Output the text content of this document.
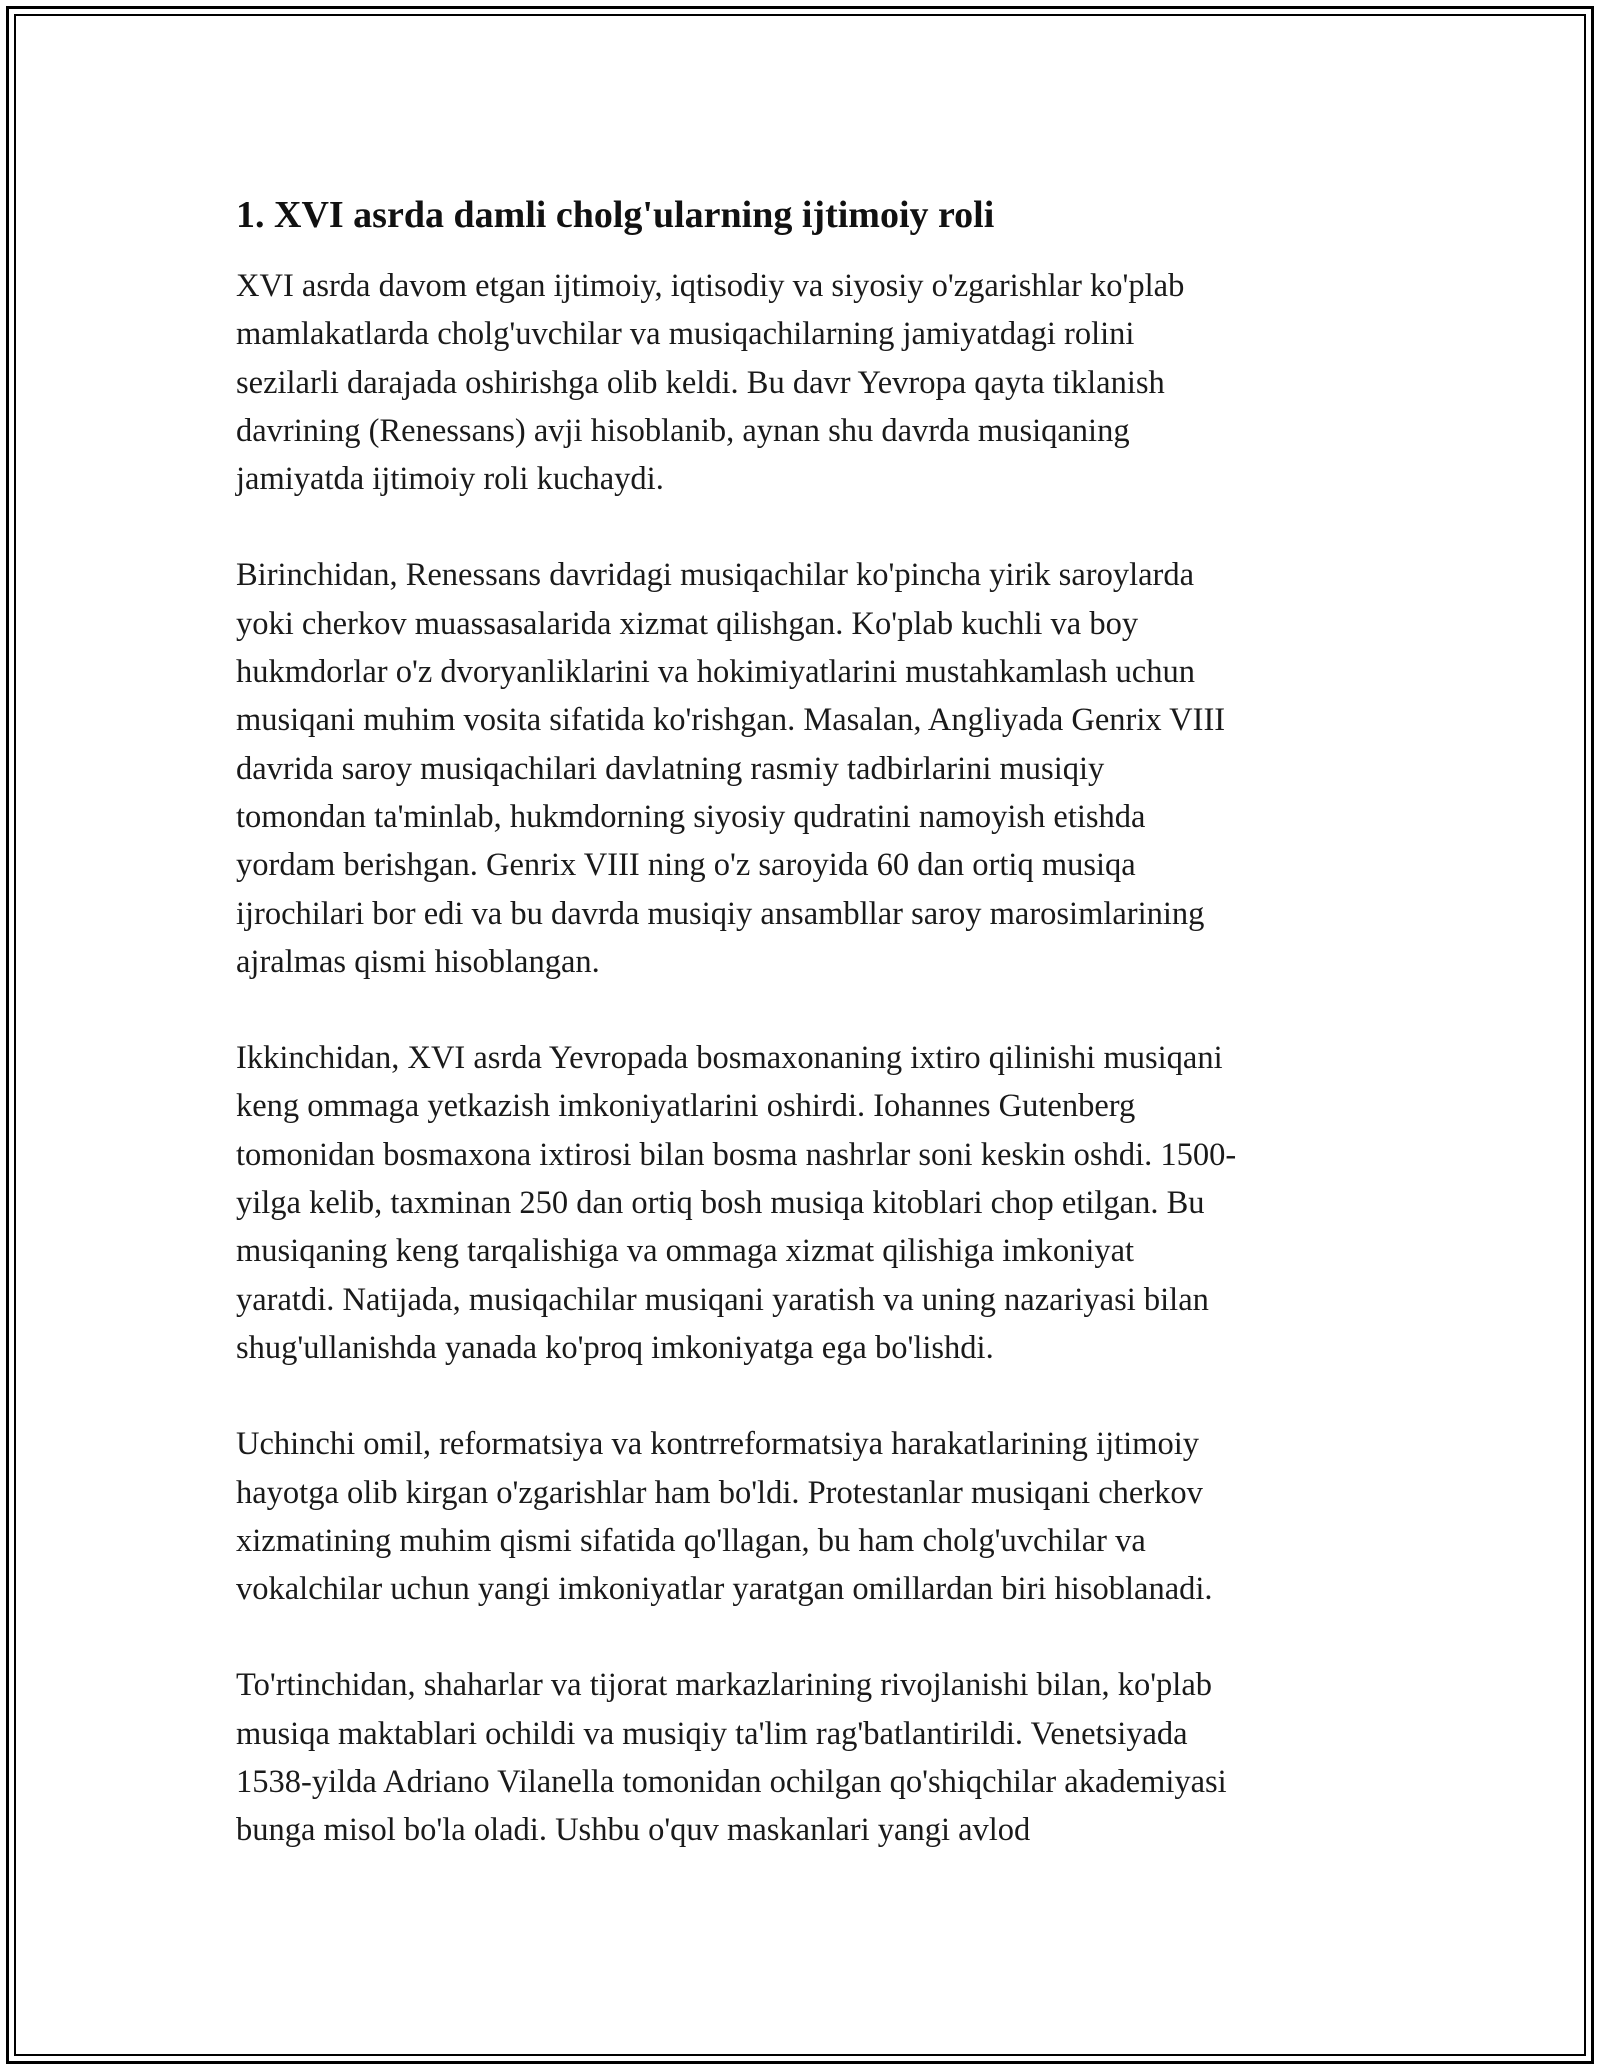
1. XVI asrda damli cholg'ularning ijtimoiy roli

XVI asrda davom etgan ijtimoiy, iqtisodiy va siyosiy o'zgarishlar ko'plab
mamlakatlarda cholg'uvchilar va musiqachilarning jamiyatdagi rolini
sezilarli darajada oshirishga olib keldi. Bu davr Yevropa qayta tiklanish
davrining (Renessans) avji hisoblanib, aynan shu davrda musiqaning
jamiyatda ijtimoiy roli kuchaydi.

Birinchidan, Renessans davridagi musiqachilar ko'pincha yirik saroylarda
yoki cherkov muassasalarida xizmat qilishgan. Ko'plab kuchli va boy
hukmdorlar o'z dvoryanliklarini va hokimiyatlarini mustahkamlash uchun
musiqani muhim vosita sifatida ko'rishgan. Masalan, Angliyada Genrix VIII
davrida saroy musiqachilari davlatning rasmiy tadbirlarini musiqiy
tomondan ta'minlab, hukmdorning siyosiy qudratini namoyish etishda
yordam berishgan. Genrix VIII ning o'z saroyida 60 dan ortiq musiqa
ijrochilari bor edi va bu davrda musiqiy ansambllar saroy marosimlarining
ajralmas qismi hisoblangan.

Ikkinchidan, XVI asrda Yevropada bosmaxonaning ixtiro qilinishi musiqani
keng ommaga yetkazish imkoniyatlarini oshirdi. Iohannes Gutenberg
tomonidan bosmaxona ixtirosi bilan bosma nashrlar soni keskin oshdi. 1500-
yilga kelib, taxminan 250 dan ortiq bosh musiqa kitoblari chop etilgan. Bu
musiqaning keng tarqalishiga va ommaga xizmat qilishiga imkoniyat
yaratdi. Natijada, musiqachilar musiqani yaratish va uning nazariyasi bilan
shug'ullanishda yanada ko'proq imkoniyatga ega bo'lishdi.

Uchinchi omil, reformatsiya va kontrreformatsiya harakatlarining ijtimoiy
hayotga olib kirgan o'zgarishlar ham bo'ldi. Protestanlar musiqani cherkov
xizmatining muhim qismi sifatida qo'llagan, bu ham cholg'uvchilar va
vokalchilar uchun yangi imkoniyatlar yaratgan omillardan biri hisoblanadi.

To'rtinchidan, shaharlar va tijorat markazlarining rivojlanishi bilan, ko'plab
musiqa maktablari ochildi va musiqiy ta'lim rag'batlantirildi. Venetsiyada
1538-yilda Adriano Vilanella tomonidan ochilgan qo'shiqchilar akademiyasi
bunga misol bo'la oladi. Ushbu o'quv maskanlari yangi avlod
